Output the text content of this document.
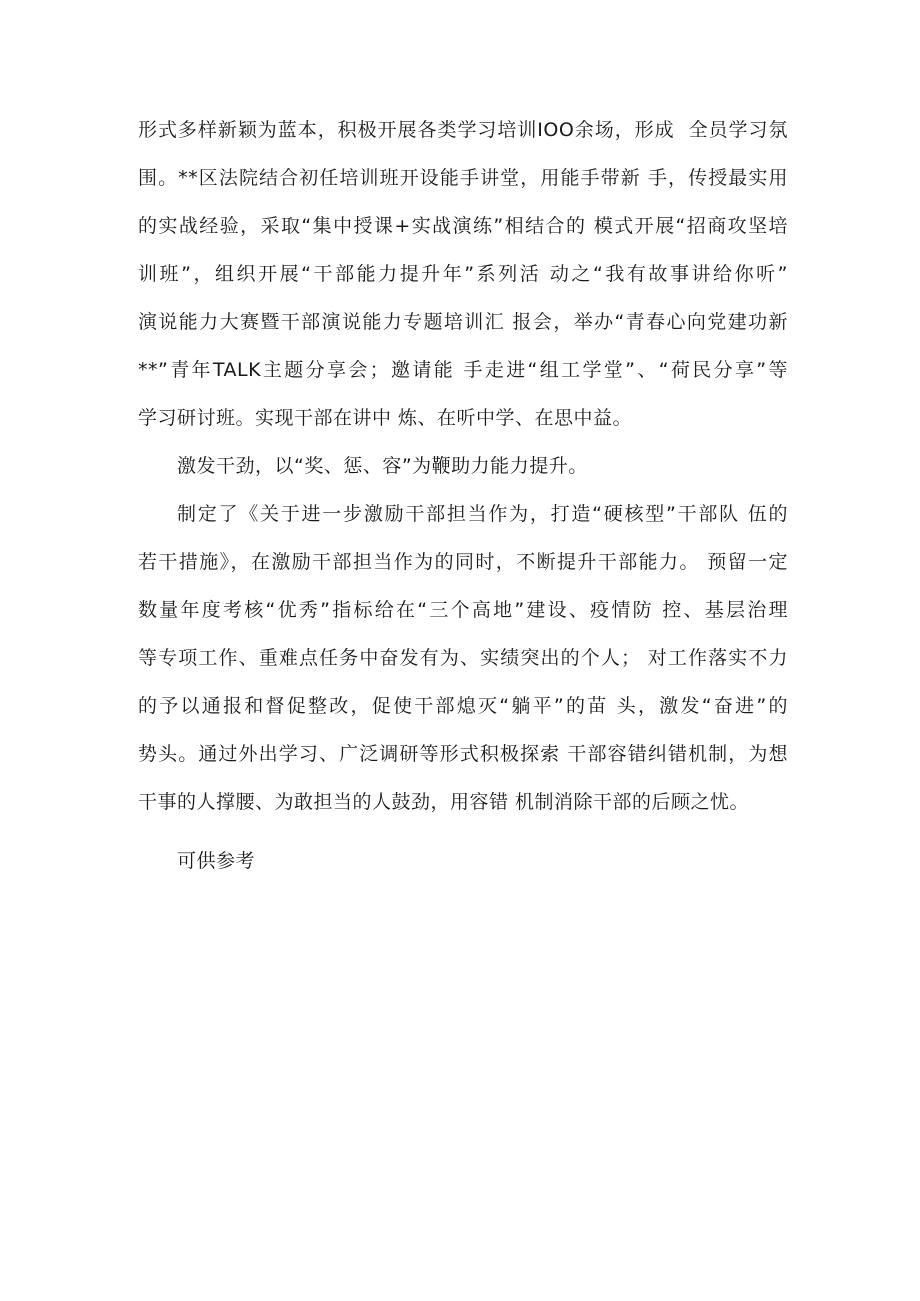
形式多样新颖为蓝本，积极开展各类学习培训IOO余场，形成  全员学习氛
围。**区法院结合初任培训班开设能手讲堂，用能手带新 手，传授最实用
的实战经验，采取“集中授课+实战演练”相结合的 模式开展“招商攻坚培
训班”，组织开展“干部能力提升年”系列活 动之“我有故事讲给你听”
演说能力大赛暨干部演说能力专题培训汇 报会，举办“青春心向党建功新
**”青年TALK主题分享会；邀请能 手走进“组工学堂”、“荷民分享”等
学习研讨班。实现干部在讲中 炼、在听中学、在思中益。
激发干劲，以“奖、惩、容”为鞭助力能力提升。
制定了《关于进一步激励干部担当作为，打造“硬核型”干部队 伍的
若干措施》，在激励干部担当作为的同时，不断提升干部能力。 预留一定
数量年度考核“优秀”指标给在“三个高地”建设、疫情防 控、基层治理
等专项工作、重难点任务中奋发有为、实绩突出的个人； 对工作落实不力
的予以通报和督促整改，促使干部熄灭“躺平”的苗 头，激发“奋进”的
势头。通过外出学习、广泛调研等形式积极探索 干部容错纠错机制，为想
干事的人撑腰、为敢担当的人鼓劲，用容错 机制消除干部的后顾之忧。
可供参考
